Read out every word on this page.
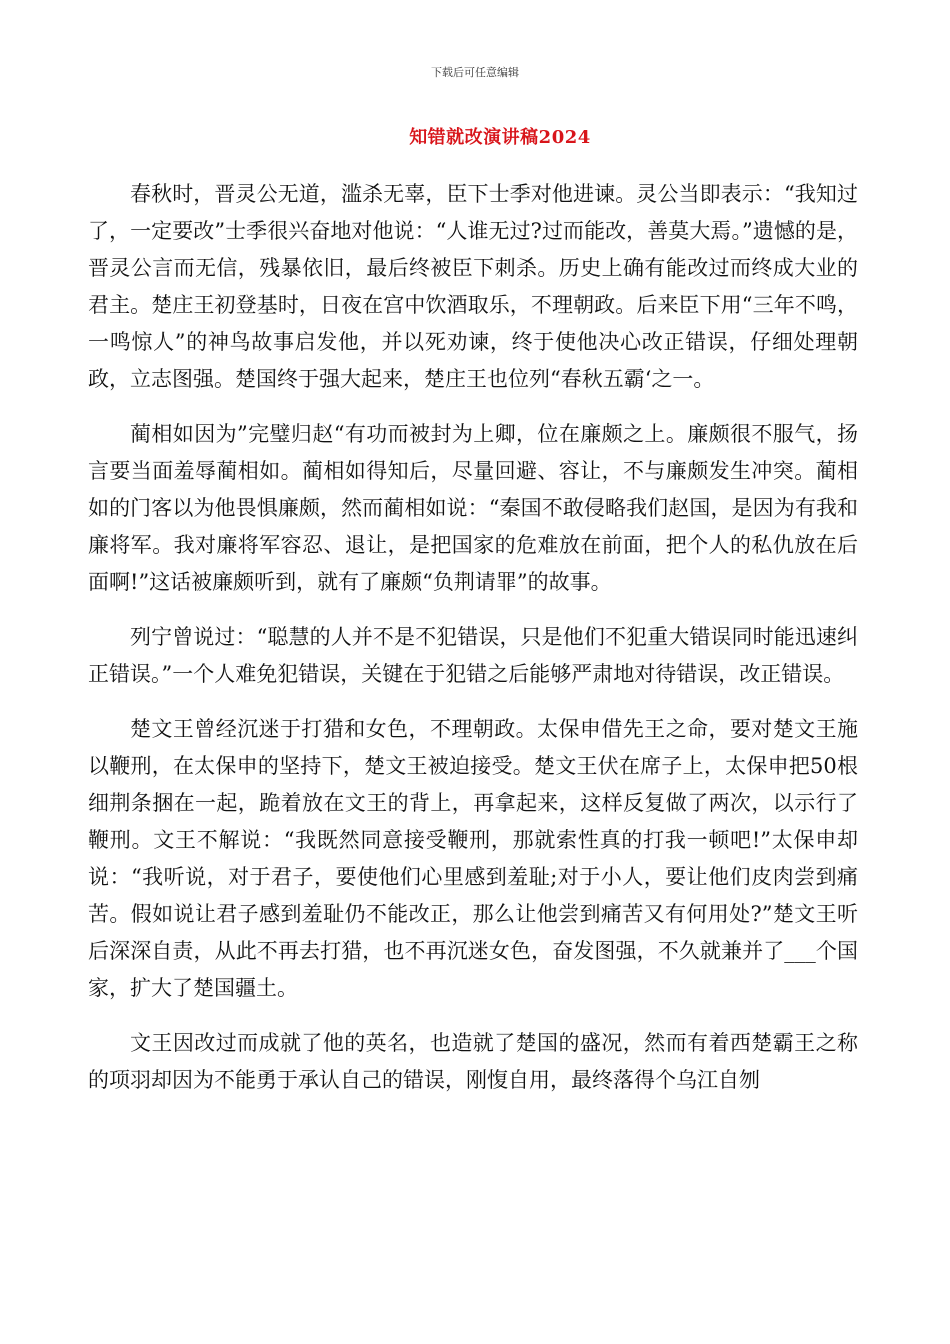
下载后可任意编辑
知错就改演讲稿2024

春秋时，晋灵公无道，滥杀无辜，臣下士季对他进谏。灵公当即表示：“我知过了，一定要改”士季很兴奋地对他说：“人谁无过?过而能改，善莫大焉。”遗憾的是，晋灵公言而无信，残暴依旧，最后终被臣下刺杀。历史上确有能改过而终成大业的君主。楚庄王初登基时，日夜在宫中饮酒取乐，不理朝政。后来臣下用“三年不鸣，一鸣惊人”的神鸟故事启发他，并以死劝谏，终于使他决心改正错误，仔细处理朝政，立志图强。楚国终于强大起来，楚庄王也位列“春秋五霸‘之一。

蔺相如因为”完璧归赵“有功而被封为上卿，位在廉颇之上。廉颇很不服气，扬言要当面羞辱蔺相如。蔺相如得知后，尽量回避、容让，不与廉颇发生冲突。蔺相如的门客以为他畏惧廉颇，然而蔺相如说：“秦国不敢侵略我们赵国，是因为有我和廉将军。我对廉将军容忍、退让，是把国家的危难放在前面，把个人的私仇放在后面啊!”这话被廉颇听到，就有了廉颇“负荆请罪”的故事。

列宁曾说过：“聪慧的人并不是不犯错误，只是他们不犯重大错误同时能迅速纠正错误。”一个人难免犯错误，关键在于犯错之后能够严肃地对待错误，改正错误。

楚文王曾经沉迷于打猎和女色，不理朝政。太保申借先王之命，要对楚文王施以鞭刑，在太保申的坚持下，楚文王被迫接受。楚文王伏在席子上，太保申把50根细荆条捆在一起，跪着放在文王的背上，再拿起来，这样反复做了两次，以示行了鞭刑。文王不解说：“我既然同意接受鞭刑，那就索性真的打我一顿吧!”太保申却说：“我听说，对于君子，要使他们心里感到羞耻;对于小人，要让他们皮肉尝到痛苦。假如说让君子感到羞耻仍不能改正，那么让他尝到痛苦又有何用处?”楚文王听后深深自责，从此不再去打猎，也不再沉迷女色，奋发图强，不久就兼并了___个国家，扩大了楚国疆土。

文王因改过而成就了他的英名，也造就了楚国的盛况，然而有着西楚霸王之称的项羽却因为不能勇于承认自己的错误，刚愎自用，最终落得个乌江自刎
